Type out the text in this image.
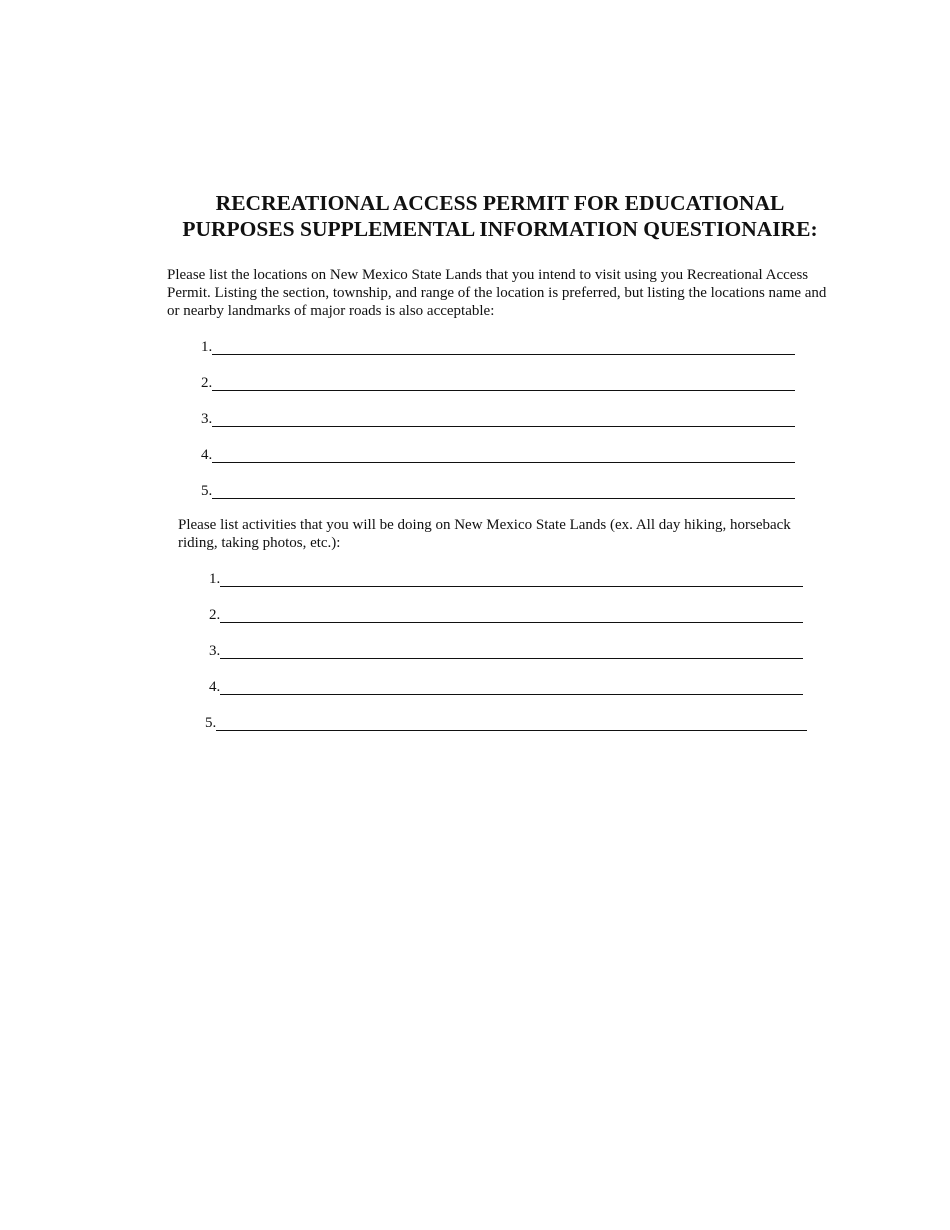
RECREATIONAL ACCESS PERMIT FOR EDUCATIONAL
PURPOSES SUPPLEMENTAL INFORMATION QUESTIONAIRE:

Please list the locations on New Mexico State Lands that you intend to visit using you Recreational Access Permit. Listing the section, township, and range of the location is preferred, but listing the locations name and or nearby landmarks of major roads is also acceptable:

1.
2.
3.
4.
5.

Please list activities that you will be doing on New Mexico State Lands (ex. All day hiking, horseback riding, taking photos, etc.):

1.
2.
3.
4.
5.
